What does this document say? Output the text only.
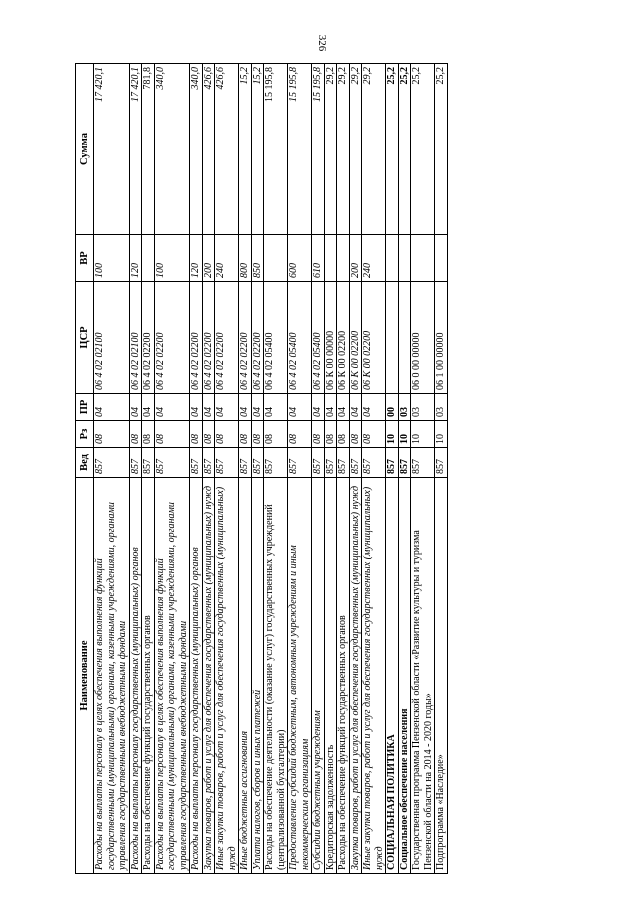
326
Наименование	Вед	Рз	ПР	ЦСР	ВР	Сумма
Расходы на выплаты персоналу в целях обеспечения выполнения функций государственными (муниципальными) органами, казенными учреждениями, органами управления государственными внебюджетными фондами	857	08	04	06 4 02 02100	100	17 420,1
Расходы на выплаты персоналу государственных (муниципальных) органов	857	08	04	06 4 02 02100	120	17 420,1
Расходы на обеспечение функций государственных органов	857	08	04	06 4 02 02200		781,8
Расходы на выплаты персоналу в целях обеспечения выполнения функций государственными (муниципальными) органами, казенными учреждениями, органами управления государственными внебюджетными фондами	857	08	04	06 4 02 02200	100	340,0
Расходы на выплаты персоналу государственных (муниципальных) органов	857	08	04	06 4 02 02200	120	340,0
Закупка товаров, работ и услуг для обеспечения государственных (муниципальных) нужд	857	08	04	06 4 02 02200	200	426,6
Иные закупки товаров, работ и услуг для обеспечения государственных (муниципальных) нужд	857	08	04	06 4 02 02200	240	426,6
Иные бюджетные ассигнования	857	08	04	06 4 02 02200	800	15,2
Уплата налогов, сборов и иных платежей	857	08	04	06 4 02 02200	850	15,2
Расходы на обеспечение деятельности (оказание услуг) государственных учреждений (централизованной бухгалтерии)	857	08	04	06 4 02 05400		15 195,8
Предоставление субсидий бюджетным, автономным учреждениям и иным некоммерческим организациям	857	08	04	06 4 02 05400	600	15 195,8
Субсидии бюджетным учреждениям	857	08	04	06 4 02 05400	610	15 195,8
Кредиторская задолженность	857	08	04	06 К 00 00000		29,2
Расходы на обеспечение функций государственных органов	857	08	04	06 К 00 02200		29,2
Закупка товаров, работ и услуг для обеспечения государственных (муниципальных) нужд	857	08	04	06 К 00 02200	200	29,2
Иные закупки товаров, работ и услуг для обеспечения государственных (муниципальных) нужд	857	08	04	06 К 00 02200	240	29,2
СОЦИАЛЬНАЯ ПОЛИТИКА	857	10	00			25,2
Социальное обеспечение населения	857	10	03			25,2
Государственная программа Пензенской области «Развитие культуры и туризма Пензенской области на 2014 - 2020 годы»	857	10	03	06 0 00 00000		25,2
Подпрограмма «Наследие»	857	10	03	06 1 00 00000		25,2
